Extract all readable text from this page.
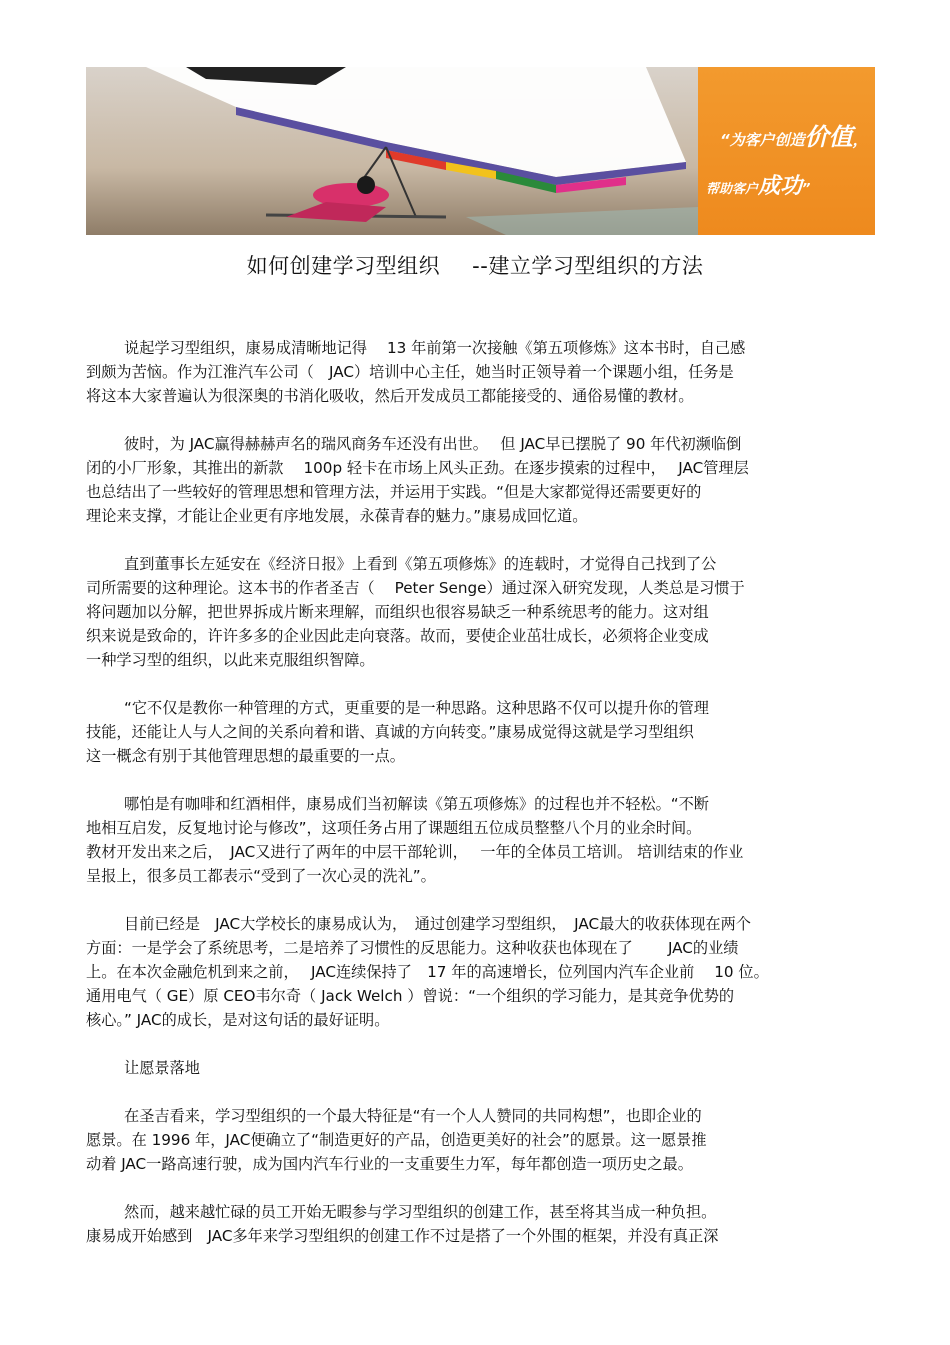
“为客户创造价值，
帮助客户成功”
如何创建学习型组织 --建立学习型组织的方法
说起学习型组织，康易成清晰地记得　 13 年前第一次接触《第五项修炼》这本书时，自己感
到颇为苦恼。作为江淮汽车公司（　JAC）培训中心主任，她当时正领导着一个课题小组，任务是
将这本大家普遍认为很深奥的书消化吸收，然后开发成员工都能接受的、通俗易懂的教材。
彼时，为 JAC赢得赫赫声名的瑞风商务车还没有出世。　 但 JAC早已摆脱了 90 年代初濒临倒
闭的小厂形象，其推出的新款　 100p 轻卡在市场上风头正劲。在逐步摸索的过程中，　 JAC管理层
也总结出了一些较好的管理思想和管理方法，并运用于实践。“但是大家都觉得还需要更好的
理论来支撑，才能让企业更有序地发展，永葆青春的魅力。”康易成回忆道。
直到董事长左延安在《经济日报》上看到《第五项修炼》的连载时，才觉得自己找到了公
司所需要的这种理论。这本书的作者圣吉（　 Peter Senge）通过深入研究发现，人类总是习惯于
将问题加以分解，把世界拆成片断来理解，而组织也很容易缺乏一种系统思考的能力。这对组
织来说是致命的，许许多多的企业因此走向衰落。故而，要使企业茁壮成长，必须将企业变成
一种学习型的组织，以此来克服组织智障。
“它不仅是教你一种管理的方式，更重要的是一种思路。这种思路不仅可以提升你的管理
技能，还能让人与人之间的关系向着和谐、真诚的方向转变。”康易成觉得这就是学习型组织
这一概念有别于其他管理思想的最重要的一点。
哪怕是有咖啡和红酒相伴，康易成们当初解读《第五项修炼》的过程也并不轻松。“不断
地相互启发，反复地讨论与修改”，这项任务占用了课题组五位成员整整八个月的业余时间。
教材开发出来之后，　JAC又进行了两年的中层干部轮训，　 一年的全体员工培训。 培训结束的作业
呈报上，很多员工都表示“受到了一次心灵的洗礼”。
目前已经是　JAC大学校长的康易成认为，　通过创建学习型组织，　JAC最大的收获体现在两个
方面：一是学会了系统思考，二是培养了习惯性的反思能力。这种收获也体现在了　　 JAC的业绩
上。在本次金融危机到来之前，　 JAC连续保持了　17 年的高速增长，位列国内汽车企业前　 10 位。
通用电气（ GE）原 CEO韦尔奇（ Jack Welch ）曾说：“一个组织的学习能力，是其竞争优势的
核心。” JAC的成长，是对这句话的最好证明。
让愿景落地
在圣吉看来，学习型组织的一个最大特征是“有一个人人赞同的共同构想”，也即企业的
愿景。在 1996 年，JAC便确立了“制造更好的产品，创造更美好的社会”的愿景。这一愿景推
动着 JAC一路高速行驶，成为国内汽车行业的一支重要生力军，每年都创造一项历史之最。
然而，越来越忙碌的员工开始无暇参与学习型组织的创建工作，甚至将其当成一种负担。
康易成开始感到　JAC多年来学习型组织的创建工作不过是搭了一个外围的框架，并没有真正深
